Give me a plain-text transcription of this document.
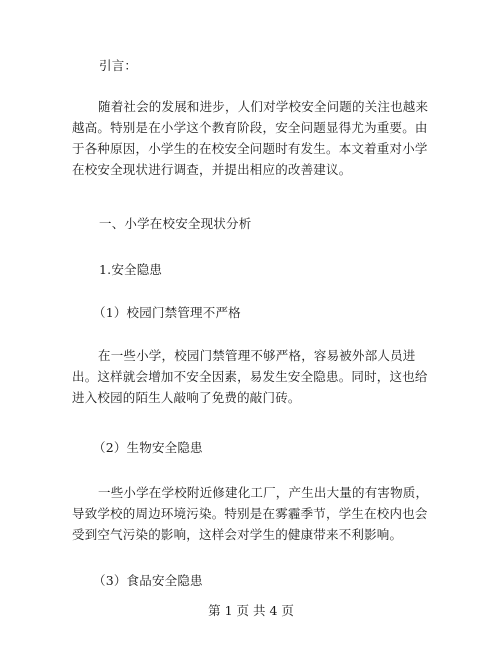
引言：
随着社会的发展和进步，人们对学校安全问题的关注也越来越高。特别是在小学这个教育阶段，安全问题显得尤为重要。由于各种原因，小学生的在校安全问题时有发生。本文着重对小学在校安全现状进行调查，并提出相应的改善建议。
一、小学在校安全现状分析
1.安全隐患
（1）校园门禁管理不严格
在一些小学，校园门禁管理不够严格，容易被外部人员进出。这样就会增加不安全因素，易发生安全隐患。同时，这也给进入校园的陌生人敲响了免费的敲门砖。
（2）生物安全隐患
一些小学在学校附近修建化工厂，产生出大量的有害物质，导致学校的周边环境污染。特别是在雾霾季节，学生在校内也会受到空气污染的影响，这样会对学生的健康带来不利影响。
（3）食品安全隐患
第 1 页 共 4 页
